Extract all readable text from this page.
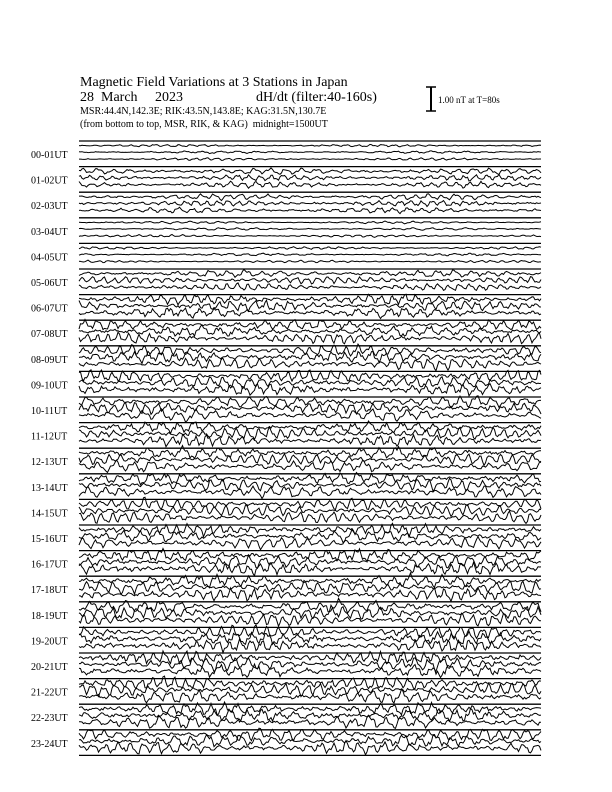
Magnetic Field Variations at 3 Stations in Japan
28  March     2023	dH/dt (filter:40-160s)
MSR:44.4N,142.3E; RIK:43.5N,143.8E; KAG:31.5N,130.7E
(from bottom to top, MSR, RIK, & KAG)  midnight=1500UT
1.00 nT at T=80s
00-01UT
01-02UT
02-03UT
03-04UT
04-05UT
05-06UT
06-07UT
07-08UT
08-09UT
09-10UT
10-11UT
11-12UT
12-13UT
13-14UT
14-15UT
15-16UT
16-17UT
17-18UT
18-19UT
19-20UT
20-21UT
21-22UT
22-23UT
23-24UT
